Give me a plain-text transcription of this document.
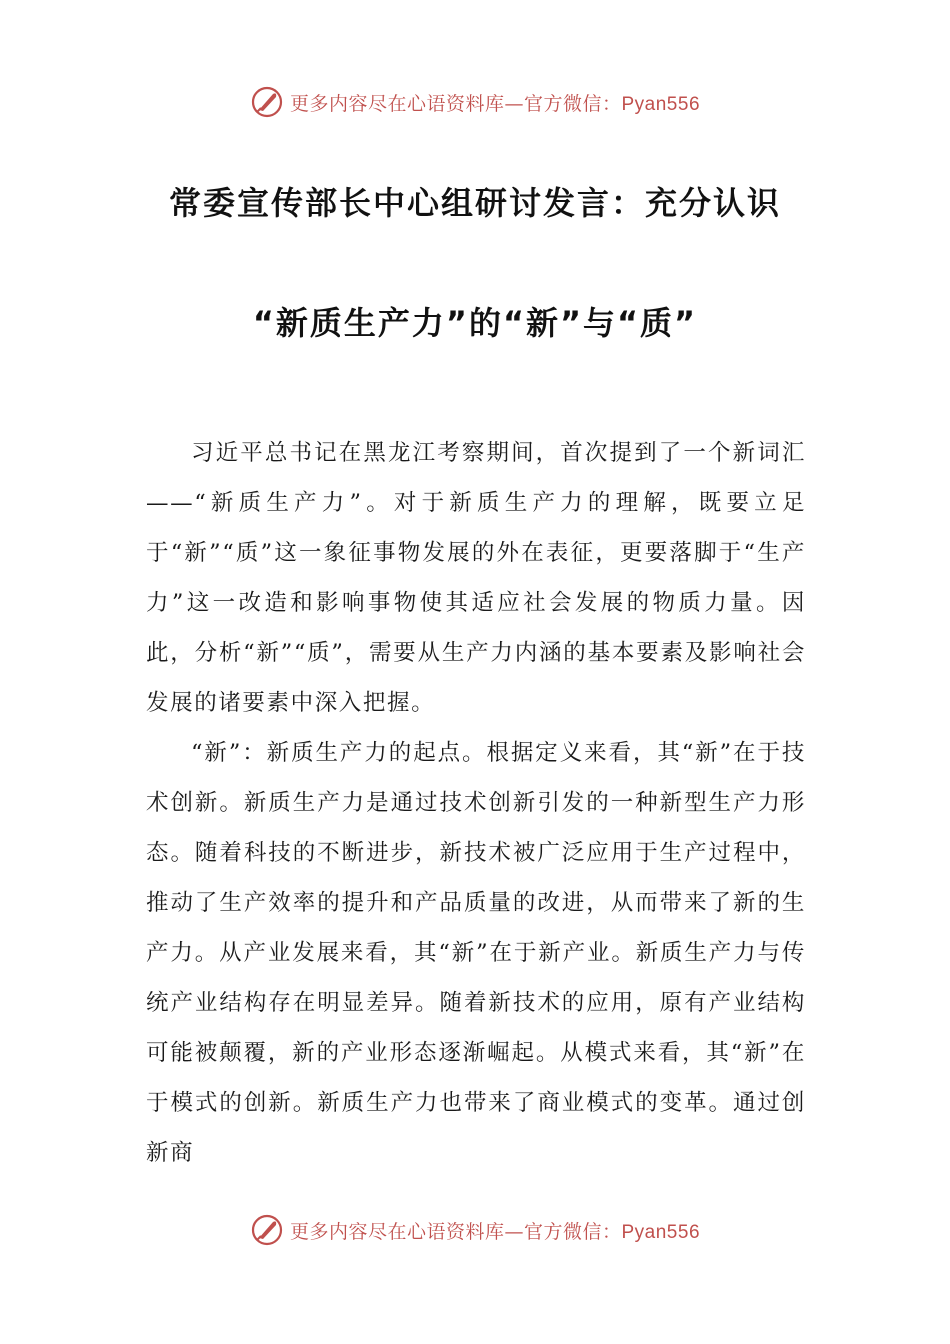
更多内容尽在心语资料库—官方微信：Pyan556
常委宣传部长中心组研讨发言：充分认识
“新质生产力”的“新”与“质”

习近平总书记在黑龙江考察期间，首次提到了一个新词汇——“新质生产力”。对于新质生产力的理解，既要立足于“新”“质”这一象征事物发展的外在表征，更要落脚于“生产力”这一改造和影响事物使其适应社会发展的物质力量。因此，分析“新”“质”，需要从生产力内涵的基本要素及影响社会发展的诸要素中深入把握。

“新”：新质生产力的起点。根据定义来看，其“新”在于技术创新。新质生产力是通过技术创新引发的一种新型生产力形态。随着科技的不断进步，新技术被广泛应用于生产过程中，推动了生产效率的提升和产品质量的改进，从而带来了新的生产力。从产业发展来看，其“新”在于新产业。新质生产力与传统产业结构存在明显差异。随着新技术的应用，原有产业结构可能被颠覆，新的产业形态逐渐崛起。从模式来看，其“新”在于模式的创新。新质生产力也带来了商业模式的变革。通过创新商

更多内容尽在心语资料库—官方微信：Pyan556
